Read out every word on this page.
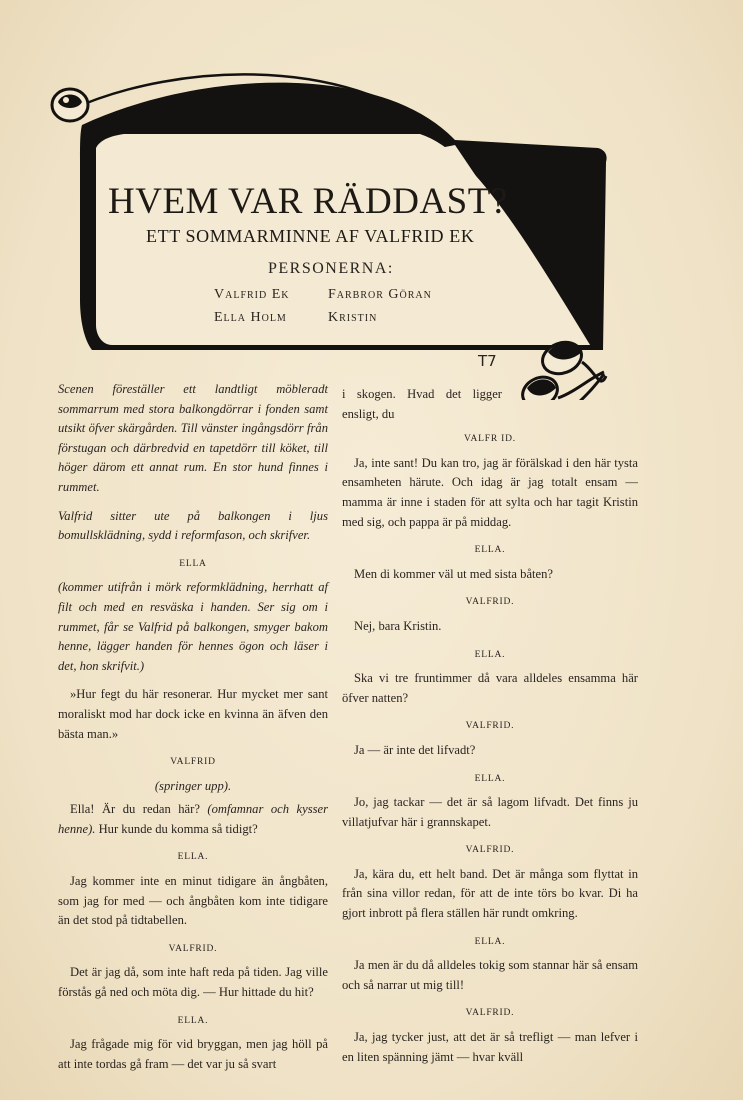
HVEM VAR RÄDDAST?
ETT SOMMARMINNE AF VALFRID EK
PERSONERNA:
Valfrid Ek
Ella Holm
Farbror Göran
Kristin
T7

Scenen föreställer ett landtligt möbleradt sommarrum med stora balkongdörrar i fonden samt utsikt öfver skärgården. Till vänster ingångsdörr från förstugan och därbredvid en tapetdörr till köket, till höger därom ett annat rum. En stor hund finnes i rummet.

Valfrid sitter ute på balkongen i ljus bomullsklädning, sydd i reformfason, och skrifver.

ELLA

(kommer utifrån i mörk reformklädning, herrhatt af filt och med en resväska i handen. Ser sig om i rummet, får se Valfrid på balkongen, smyger bakom henne, lägger handen för hennes ögon och läser i det, hon skrifvit.)

»Hur fegt du här resonerar. Hur mycket mer sant moraliskt mod har dock icke en kvinna än äfven den bästa man.»

VALFRID
(springer upp).

Ella! Är du redan här? (omfamnar och kysser henne). Hur kunde du komma så tidigt?

ELLA.

Jag kommer inte en minut tidigare än ångbåten, som jag for med — och ångbåten kom inte tidigare än det stod på tidtabellen.

VALFRID.

Det är jag då, som inte haft reda på tiden. Jag ville förstås gå ned och möta dig. — Hur hittade du hit?

ELLA.

Jag frågade mig för vid bryggan, men jag höll på att inte tordas gå fram — det var ju så svart

i skogen. Hvad det ligger ensligt, du

VALFR ID.

Ja, inte sant! Du kan tro, jag är förälskad i den här tysta ensamheten härute. Och idag är jag totalt ensam — mamma är inne i staden för att sylta och har tagit Kristin med sig, och pappa är på middag.

ELLA.

Men di kommer väl ut med sista båten?

VALFRID.

Nej, bara Kristin.

ELLA.

Ska vi tre fruntimmer då vara alldeles ensamma här öfver natten?

VALFRID.

Ja — är inte det lifvadt?

ELLA.

Jo, jag tackar — det är så lagom lifvadt. Det finns ju villatjufvar här i grannskapet.

VALFRID.

Ja, kära du, ett helt band. Det är många som flyttat in från sina villor redan, för att de inte törs bo kvar. Di ha gjort inbrott på flera ställen här rundt omkring.

ELLA.

Ja men är du då alldeles tokig som stannar här så ensam och så narrar ut mig till!

VALFRID.

Ja, jag tycker just, att det är så trefligt — man lefver i en liten spänning jämt — hvar kväll
